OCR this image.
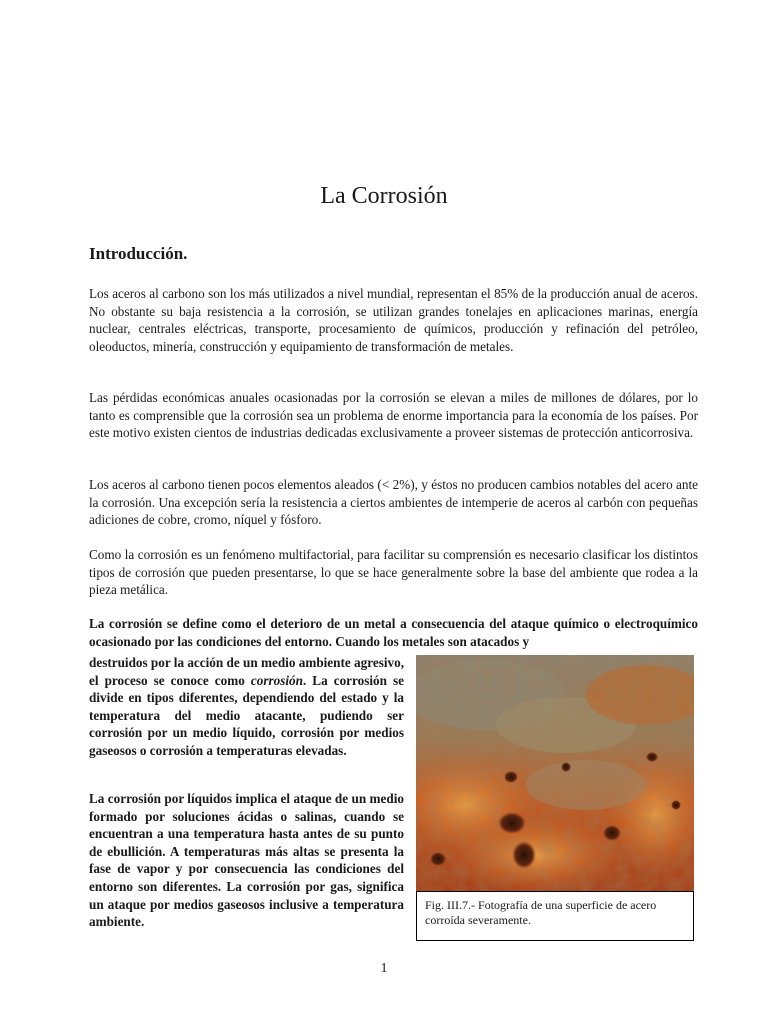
La Corrosión
Introducción.

Los aceros al carbono son los más utilizados a nivel mundial, representan el 85% de la producción anual de aceros. No obstante su baja resistencia a la corrosión, se utilizan grandes tonelajes en aplicaciones marinas, energía nuclear, centrales eléctricas, transporte, procesamiento de químicos, producción y refinación del petróleo, oleoductos, minería, construcción y equipamiento de transformación de metales.

Las pérdidas económicas anuales ocasionadas por la corrosión se elevan a miles de millones de dólares, por lo tanto es comprensible que la corrosión sea un problema de enorme importancia para la economía de los países. Por este motivo existen cientos de industrias dedicadas exclusivamente a proveer sistemas de protección anticorrosiva.

Los aceros al carbono tienen pocos elementos aleados (< 2%), y éstos no producen cambios notables del acero ante la corrosión. Una excepción sería la resistencia a ciertos ambientes de intemperie de aceros al carbón con pequeñas adiciones de cobre, cromo, níquel y fósforo.

Como la corrosión es un fenómeno multifactorial, para facilitar su comprensión es necesario clasificar los distintos tipos de corrosión que pueden presentarse, lo que se hace generalmente sobre la base del ambiente que rodea a la pieza metálica.

La corrosión se define como el deterioro de un metal a consecuencia del ataque químico o electroquímico ocasionado por las condiciones del entorno. Cuando los metales son atacados y

destruidos por la acción de un medio ambiente agresivo, el proceso se conoce como corrosión. La corrosión se divide en tipos diferentes, dependiendo del estado y la temperatura del medio atacante, pudiendo ser corrosión por un medio líquido, corrosión por medios gaseosos o corrosión a temperaturas elevadas.

La corrosión por líquidos implica el ataque de un medio formado por soluciones ácidas o salinas, cuando se encuentran a una temperatura hasta antes de su punto de ebullición. A temperaturas más altas se presenta la fase de vapor y por consecuencia las condiciones del entorno son diferentes. La corrosión por gas, significa un ataque por medios gaseosos inclusive a temperatura ambiente.

Fig. III.7.- Fotografía de una superficie de acero corroída severamente.
1
